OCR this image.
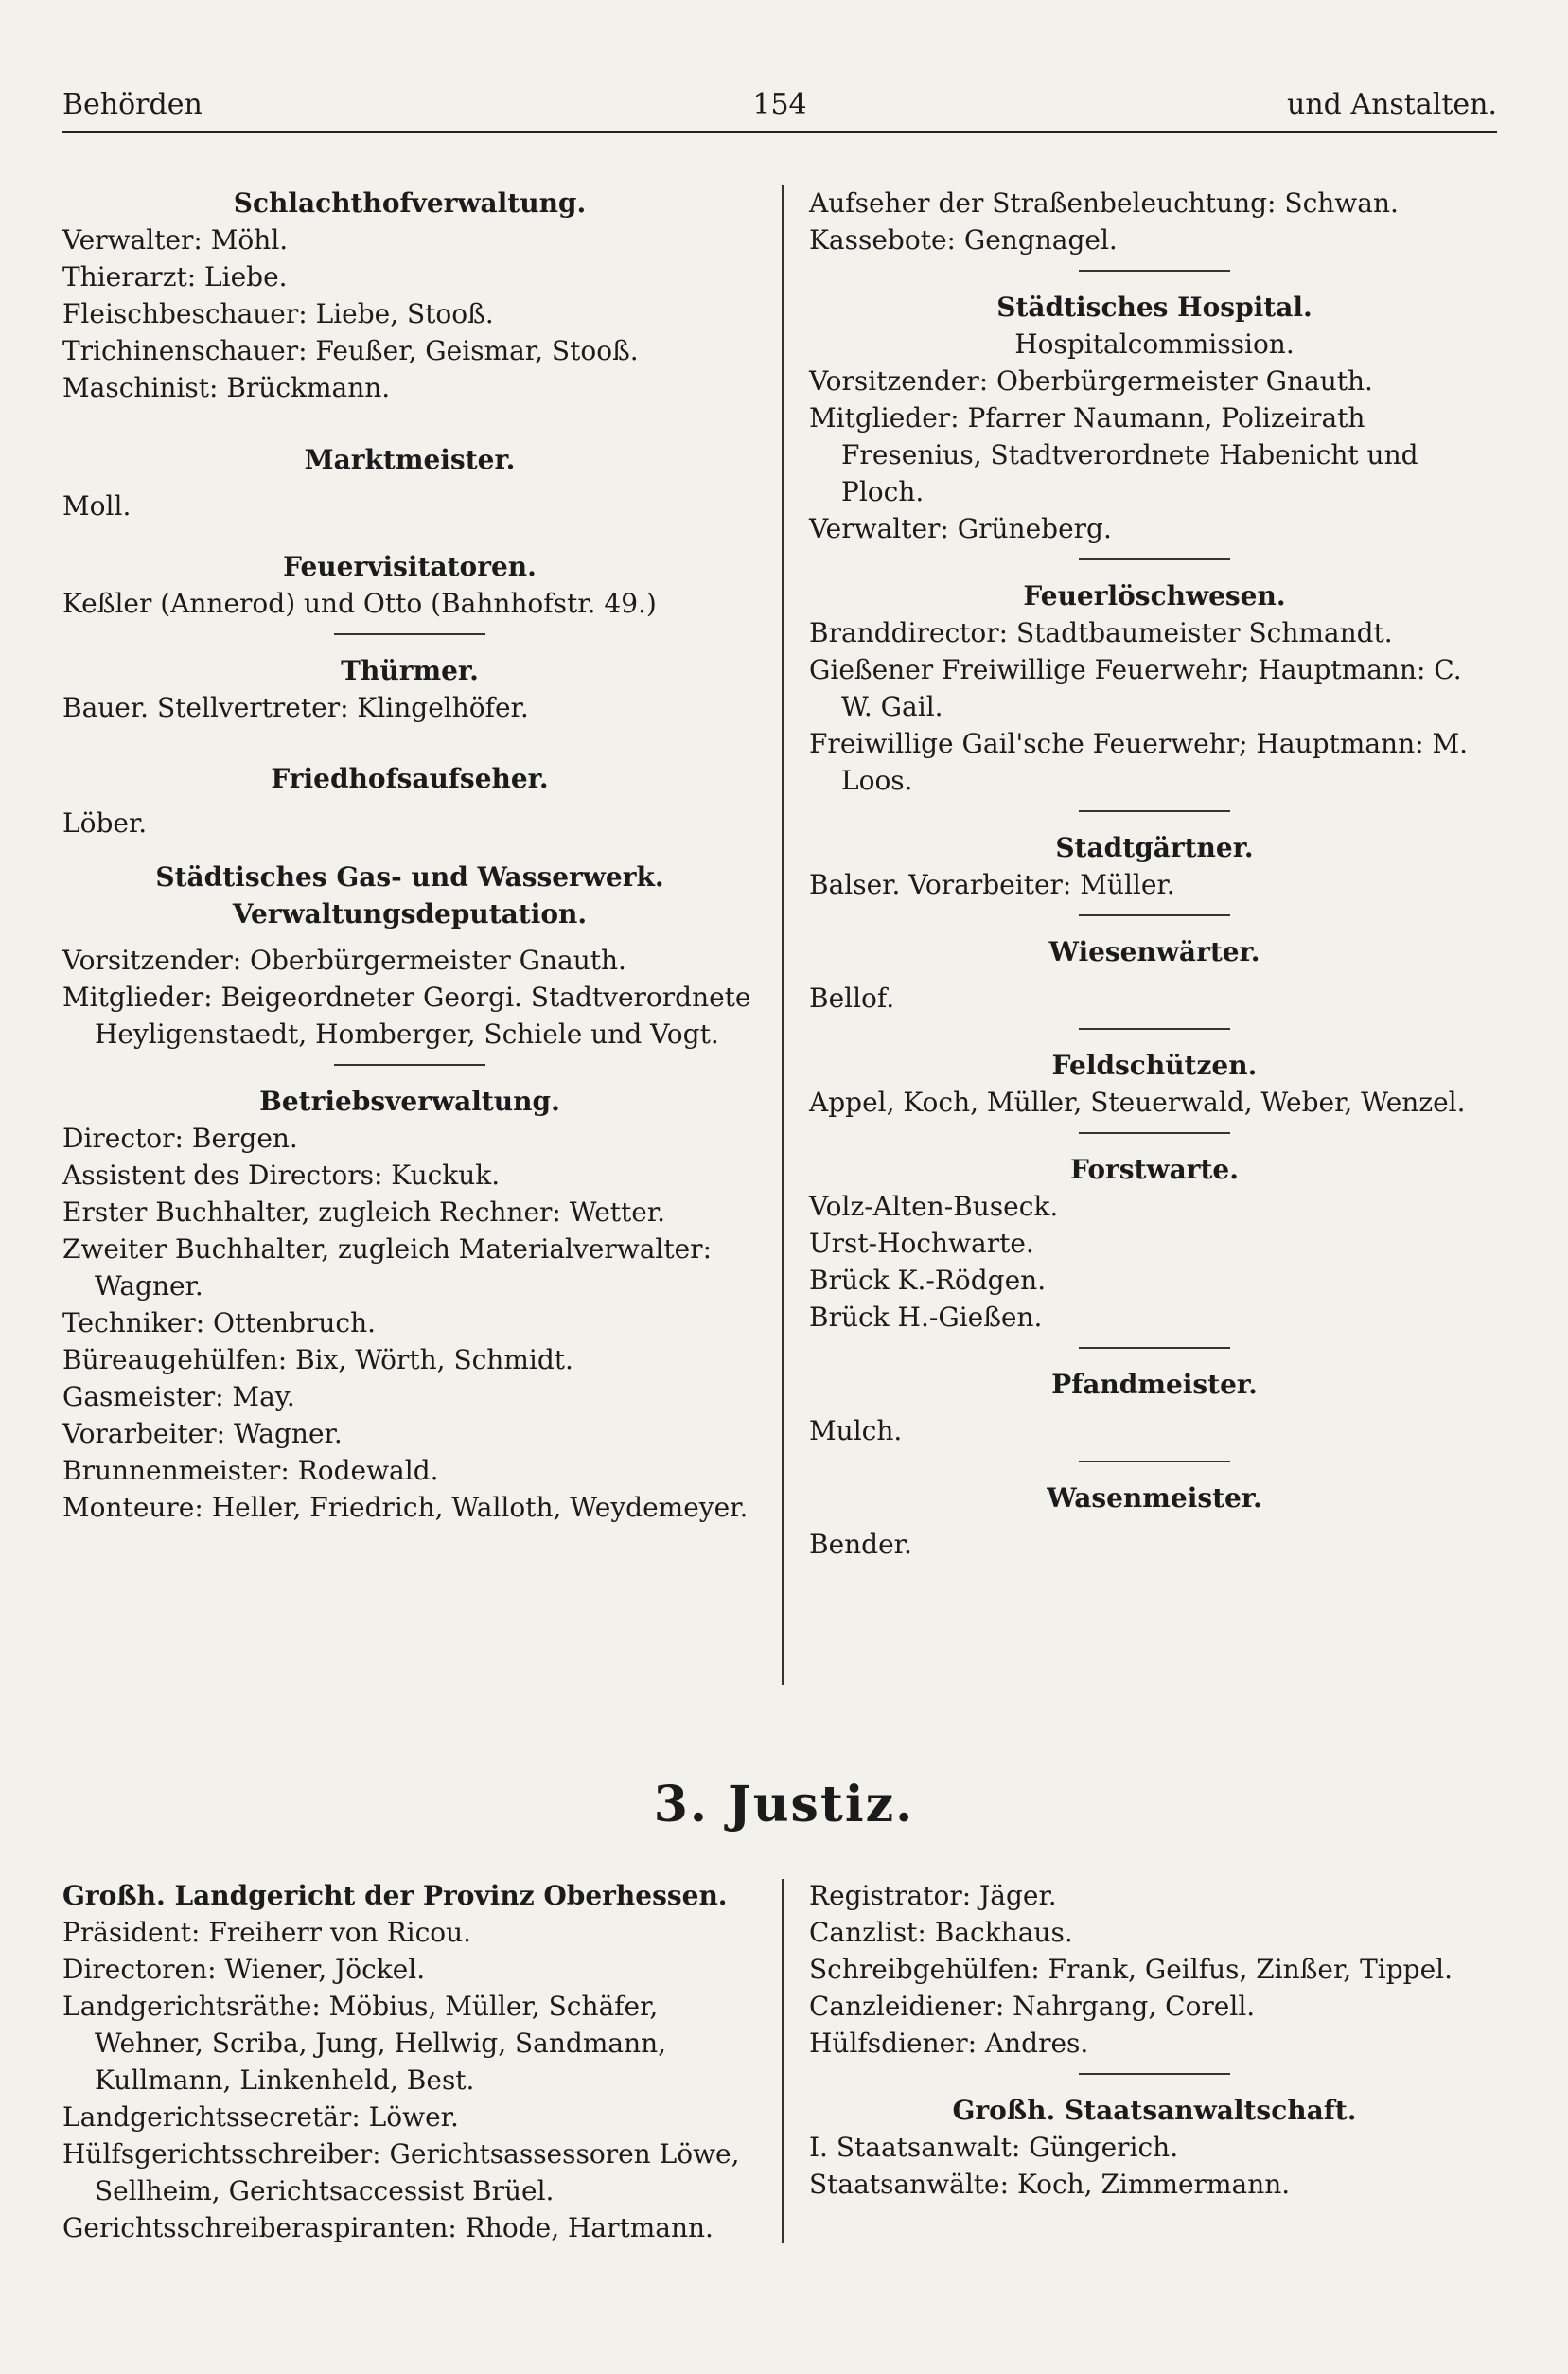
Behörden	154	und Anstalten.

Schlachthofverwaltung.

Verwalter: Möhl.

Thierarzt: Liebe.

Fleischbeschauer: Liebe, Stooß.

Trichinenschauer: Feußer, Geismar, Stooß.

Maschinist: Brückmann.

Marktmeister.

Moll.

Feuervisitatoren.

Keßler (Annerod) und Otto (Bahnhofstr. 49.)

Thürmer.

Bauer. Stellvertreter: Klingelhöfer.

Friedhofsaufseher.

Löber.

Städtisches Gas- und Wasserwerk.

Verwaltungsdeputation.

Vorsitzender: Oberbürgermeister Gnauth.

Mitglieder: Beigeordneter Georgi. Stadtverordnete Heyligenstaedt, Homberger, Schiele und Vogt.

Betriebsverwaltung.

Director: Bergen.

Assistent des Directors: Kuckuk.

Erster Buchhalter, zugleich Rechner: Wetter.

Zweiter Buchhalter, zugleich Materialverwalter: Wagner.

Techniker: Ottenbruch.

Büreaugehülfen: Bix, Wörth, Schmidt.

Gasmeister: May.

Vorarbeiter: Wagner.

Brunnenmeister: Rodewald.

Monteure: Heller, Friedrich, Walloth, Weydemeyer.

Aufseher der Straßenbeleuchtung: Schwan.

Kassebote: Gengnagel.

Städtisches Hospital.

Hospitalcommission.

Vorsitzender: Oberbürgermeister Gnauth.

Mitglieder: Pfarrer Naumann, Polizeirath Fresenius, Stadtverordnete Habenicht und Ploch.

Verwalter: Grüneberg.

Feuerlöschwesen.

Branddirector: Stadtbaumeister Schmandt.

Gießener Freiwillige Feuerwehr; Hauptmann: C. W. Gail.

Freiwillige Gail'sche Feuerwehr; Hauptmann: M. Loos.

Stadtgärtner.

Balser. Vorarbeiter: Müller.

Wiesenwärter.

Bellof.

Feldschützen.

Appel, Koch, Müller, Steuerwald, Weber, Wenzel.

Forstwarte.

Volz-Alten-Buseck.

Urst-Hochwarte.

Brück K.-Rödgen.

Brück H.-Gießen.

Pfandmeister.

Mulch.

Wasenmeister.

Bender.

3. Justiz.

Großh. Landgericht der Provinz Oberhessen.

Präsident: Freiherr von Ricou.

Directoren: Wiener, Jöckel.

Landgerichtsräthe: Möbius, Müller, Schäfer, Wehner, Scriba, Jung, Hellwig, Sandmann, Kullmann, Linkenheld, Best.

Landgerichtssecretär: Löwer.

Hülfsgerichtsschreiber: Gerichtsassessoren Löwe, Sellheim, Gerichtsaccessist Brüel.

Gerichtsschreiberaspiranten: Rhode, Hartmann.

Registrator: Jäger.

Canzlist: Backhaus.

Schreibgehülfen: Frank, Geilfus, Zinßer, Tippel.

Canzleidiener: Nahrgang, Corell.

Hülfsdiener: Andres.

Großh. Staatsanwaltschaft.

I. Staatsanwalt: Güngerich.

Staatsanwälte: Koch, Zimmermann.
